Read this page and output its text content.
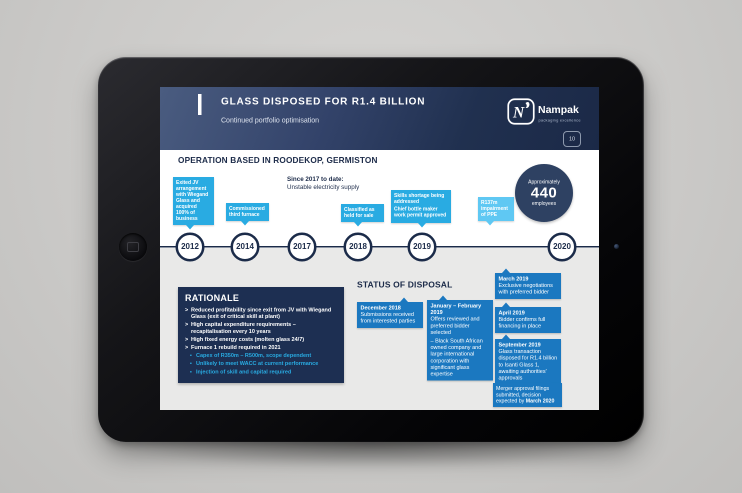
GLASS DISPOSED FOR R1.4 BILLION
Continued portfolio optimisation	N Nampak
packaging excellence
10
OPERATION BASED IN ROODEKOP, GERMISTON
Since 2017 to date:
Unstable electricity supply
Exited JV arrangement with Wiegand Glass and acquired 100% of business
Commissioned third furnace
Classified as held for sale

Skills shortage being addressed

Chief bottle maker work permit approved

R137m impairment of PPE
Approximately
440
employees
2012	2014	2017	2018	2019	2020
RATIONALE
> Reduced profitability since exit from JV with Wiegand Glass (exit of critical skill at plant)
> High capital expenditure requirements – recapitalisation every 10 years
> High fixed energy costs (molten glass 24/7)
> Furnace 1 rebuild required in 2021
▪ Capex of R350m – R500m, scope dependent
▪ Unlikely to meet WACC at current performance
▪ Injection of skill and capital required
STATUS OF DISPOSAL
December 2018
Submissions received from interested parties
January – February 2019
Offers reviewed and preferred bidder selected
– Black South African owned company and large international corporation with significant glass expertise
March 2019
Exclusive negotiations with preferred bidder
April 2019
Bidder confirms full financing in place
September 2019
Glass transaction disposed for R1.4 billion to Isanti Glass 1, awaiting authorities' approvals
Merger approval filings submitted, decision expected by March 2020
